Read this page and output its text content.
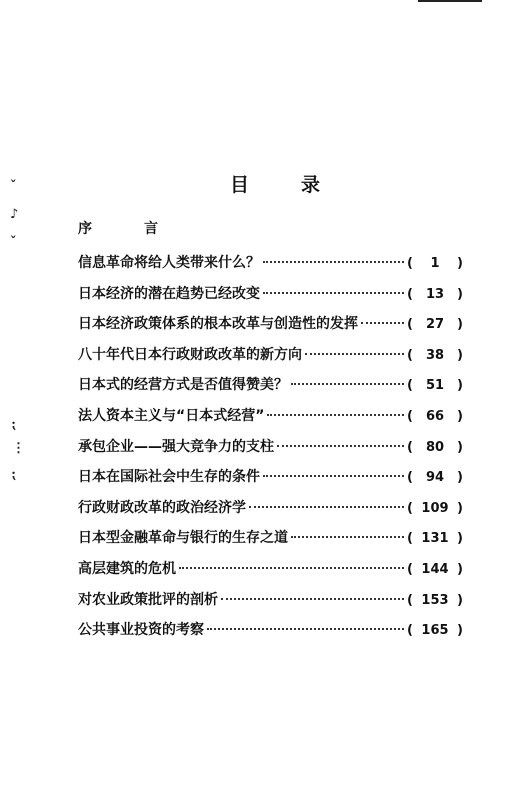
ˇ
♪
ˇ
⁏
⋮
⁏
目	录
序	言
信息革命将给人类带来什么？	(	1	)
日本经济的潜在趋势已经改变	(	13	)
日本经济政策体系的根本改革与创造性的发挥	(	27	)
八十年代日本行政财政改革的新方向	(	38	)
日本式的经营方式是否值得赞美？	(	51	)
法人资本主义与“日本式经营”	(	66	)
承包企业——强大竞争力的支柱	(	80	)
日本在国际社会中生存的条件	(	94	)
行政财政改革的政治经济学	( 109 )
日本型金融革命与银行的生存之道	( 131 )
高层建筑的危机	( 144 )
对农业政策批评的剖析	( 153 )
公共事业投资的考察	( 165 )
